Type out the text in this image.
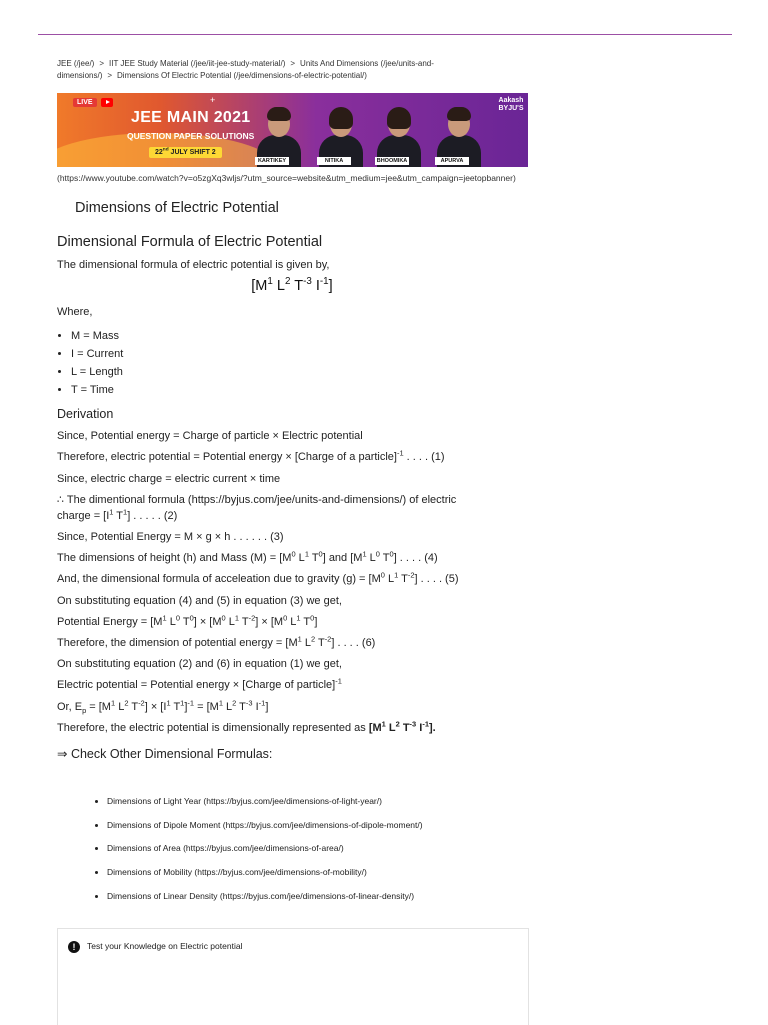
JEE (/jee/) > IIT JEE Study Material (/jee/iit-jee-study-material/) > Units And Dimensions (/jee/units-and-dimensions/) > Dimensions Of Electric Potential (/jee/dimensions-of-electric-potential/)
LIVE	+
JEE MAIN 2021
QUESTION PAPER SOLUTIONS
22nd JULY SHIFT 2
Aakash BYJU'S
KARTIKEY	NITIKA	BHOOMIKA	APURVA
(https://www.youtube.com/watch?v=o5zgXq3wljs/?utm_source=website&utm_medium=jee&utm_campaign=jeetopbanner)
Dimensions of Electric Potential
Dimensional Formula of Electric Potential
The dimensional formula of electric potential is given by,
[$M^1$ $L^2$ $T^{-3}$ $I^{-1}$]
Where,
• M = Mass
• I = Current
• L = Length
• T = Time
Derivation
Since, Potential energy = Charge of particle × Electric potential
Therefore, electric potential = Potential energy × [Charge of a particle]$^{-1}$ . . . . (1)
Since, electric charge = electric current × time
∴ The dimentional formula (https://byjus.com/jee/units-and-dimensions/) of electric
charge = [$I^1$ $T^1$] . . . . . (2)
Since, Potential Energy = M × g × h . . . . . . (3)
The dimensions of height (h) and Mass $(M) = [M^0$ $L^1$ $T^0$] and [$M^1$ $L^0$ $T^0$] . . . . (4)
And, the dimensional formula of acceleation due to gravity $(g) = [M^0$ $L^1$ $T^{-2}$] . . . . (5)
On substituting equation (4) and (5) in equation (3) we get,
Potential Energy = [$M^1$ $L^0$ $T^0] \times [M^0$ $L^1$ $T^{-2}] \times [M^0$ $L^1$ $T^0$]
Therefore, the dimension of potential energy = [$M^1$ $L^2$ $T^{-2}$] . . . . (6)
On substituting equation (2) and (6) in equation (1) we get,
Electric potential = Potential energy × [Charge of particle]$^{-1}$
Or, $E_p = [M^1$ $L^2$ $T^{-2}] \times [I^1$ $T^1]^{-1} = [M^1$ $L^2$ $T^{-3}$ $I^{-1}$]
Therefore, the electric potential is dimensionally represented as [$M^1$ $L^2$ $T^{-3}$ $I^{-1}$].
⇒ Check Other Dimensional Formulas:
• Dimensions of Light Year (https://byjus.com/jee/dimensions-of-light-year/)
• Dimensions of Dipole Moment (https://byjus.com/jee/dimensions-of-dipole-moment/)
• Dimensions of Area (https://byjus.com/jee/dimensions-of-area/)
• Dimensions of Mobility (https://byjus.com/jee/dimensions-of-mobility/)
• Dimensions of Linear Density (https://byjus.com/jee/dimensions-of-linear-density/)
!	Test your Knowledge on Electric potential
